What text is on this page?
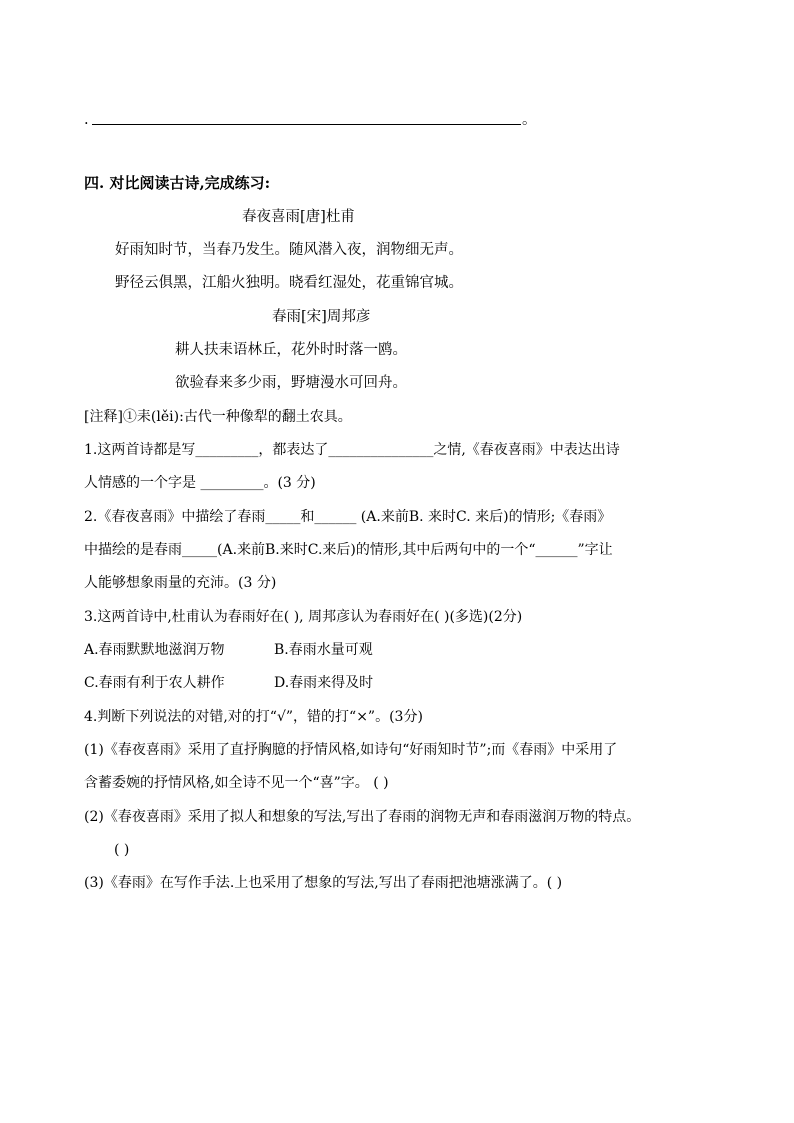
.	。
四. 对比阅读古诗,完成练习:
春夜喜雨[唐]杜甫
好雨知时节，当春乃发生。随风潜入夜，润物细无声。
野径云俱黑，江船火独明。晓看红湿处，花重锦官城。
春雨[宋]周邦彦
耕人扶耒语林丘，花外时时落一鸥。
欲验春来多少雨，野塘漫水可回舟。
[注释]①耒(lěi):古代一种像犁的翻土农具。
1.这两首诗都是写_________，都表达了_______________之情,《春夜喜雨》中表达出诗
人情感的一个字是 _________。(3 分)
2.《春夜喜雨》中描绘了春雨_____和______ (A.来前B. 来时C. 来后)的情形;《春雨》
中描绘的是春雨_____(A.来前B.来时C.来后)的情形,其中后两句中的一个“______”字让
人能够想象雨量的充沛。(3 分)
3.这两首诗中,杜甫认为春雨好在( ), 周邦彦认为春雨好在( )(多选)(2分)
A.春雨默默地滋润万物	B.春雨水量可观
C.春雨有利于农人耕作	D.春雨来得及时
4.判断下列说法的对错,对的打“√”，错的打“×”。(3分)
(1)《春夜喜雨》采用了直抒胸臆的抒情风格,如诗句“好雨知时节”;而《春雨》中采用了
含蓄委婉的抒情风格,如全诗不见一个“喜”字。 ( )
(2)《春夜喜雨》采用了拟人和想象的写法,写出了春雨的润物无声和春雨滋润万物的特点。
( )
(3)《春雨》在写作手法.上也采用了想象的写法,写出了春雨把池塘涨满了。( )
